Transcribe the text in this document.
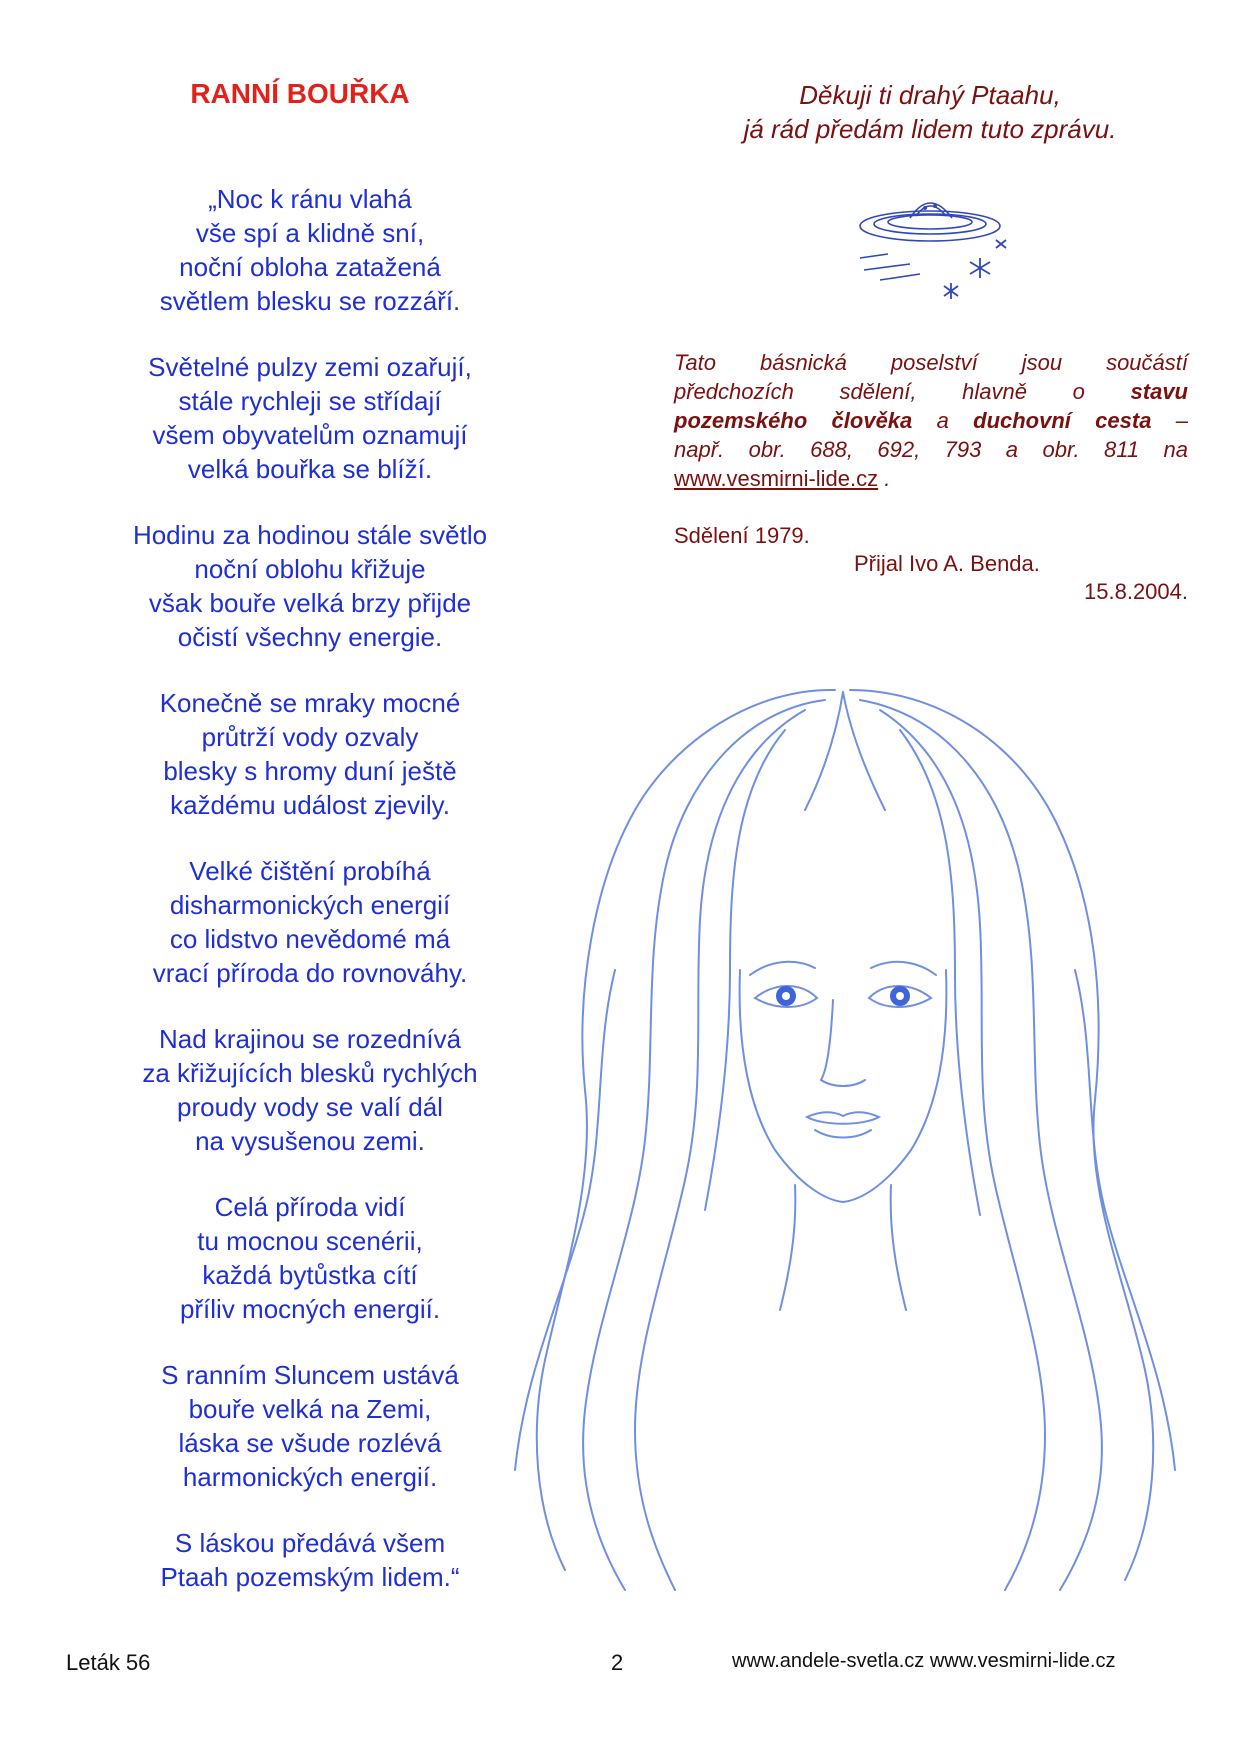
RANNÍ BOUŘKA
„Noc k ránu vlahá
vše spí a klidně sní,
noční obloha zatažená
světlem blesku se rozzáří.
Světelné pulzy zemi ozařují,
stále rychleji se střídají
všem obyvatelům oznamují
velká bouřka se blíží.
Hodinu za hodinou stále světlo
noční oblohu křižuje
však bouře velká brzy přijde
očistí všechny energie.
Konečně se mraky mocné
průtrží vody ozvaly
blesky s hromy duní ještě
každému událost zjevily.
Velké čištění probíhá
disharmonických energií
co lidstvo nevědomé má
vrací příroda do rovnováhy.
Nad krajinou se rozednívá
za křižujících blesků rychlých
proudy vody se valí dál
na vysušenou zemi.
Celá příroda vidí
tu mocnou scenérii,
každá bytůstka cítí
příliv mocných energií.
S ranním Sluncem ustává
bouře velká na Zemi,
láska se všude rozlévá
harmonických energií.
S láskou předává všem
Ptaah pozemským lidem.“
Děkuji ti drahý Ptaahu,
já rád předám lidem tuto zprávu.
Tato básnická poselství jsou součástí
předchozích sdělení, hlavně o stavu
pozemského člověka a duchovní cesta –
např. obr. 688, 692, 793 a obr. 811 na
www.vesmirni-lide.cz .
Sdělení 1979.
Přijal Ivo A. Benda.
15.8.2004.
Leták 56	2	www.andele-svetla.cz www.vesmirni-lide.cz
